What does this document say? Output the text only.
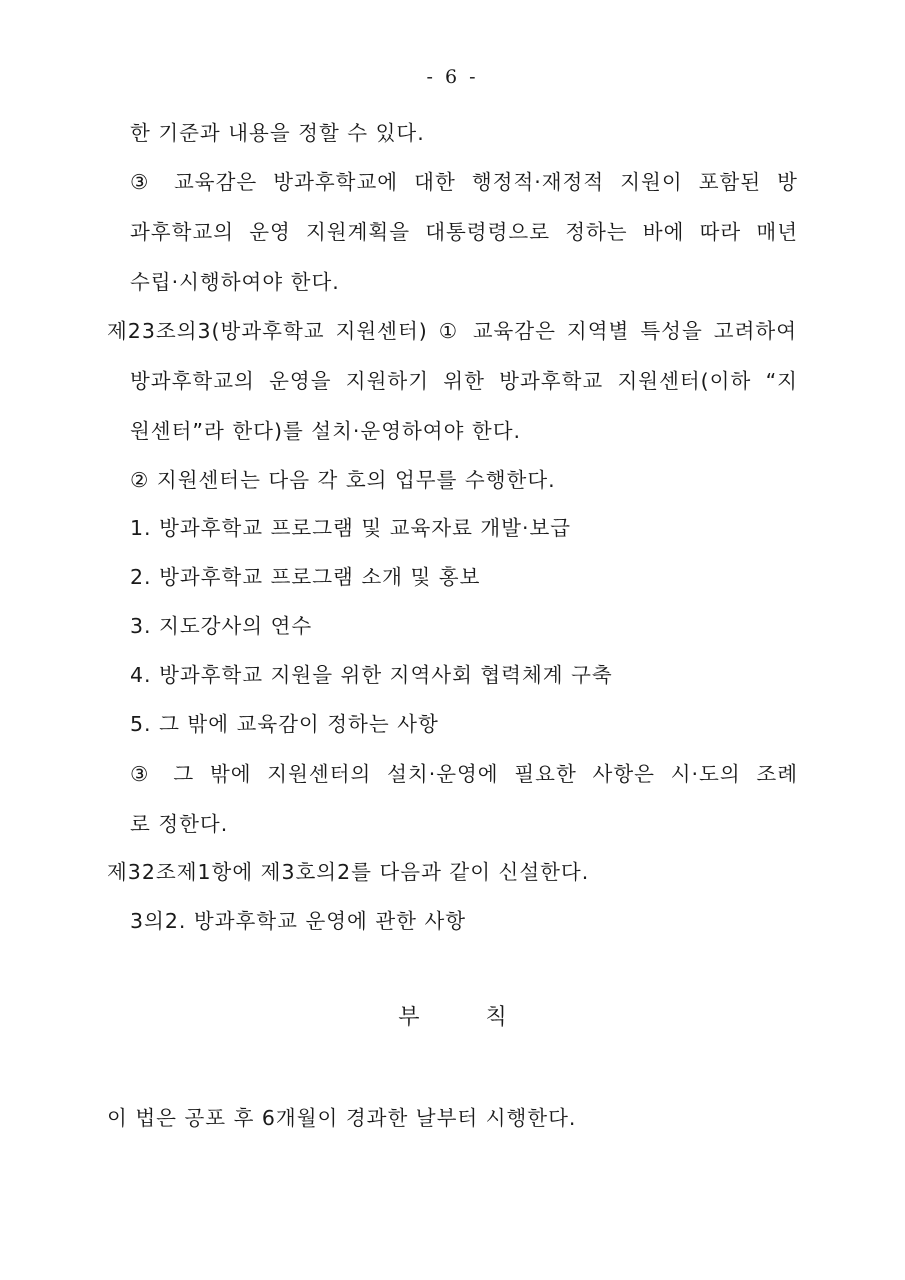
- 6 -
한 기준과 내용을 정할 수 있다.
③ 교육감은 방과후학교에 대한 행정적·재정적 지원이 포함된 방
과후학교의 운영 지원계획을 대통령령으로 정하는 바에 따라 매년
수립·시행하여야 한다.
제23조의3(방과후학교 지원센터) ① 교육감은 지역별 특성을 고려하여
방과후학교의 운영을 지원하기 위한 방과후학교 지원센터(이하 “지
원센터”라 한다)를 설치·운영하여야 한다.
② 지원센터는 다음 각 호의 업무를 수행한다.
1. 방과후학교 프로그램 및 교육자료 개발·보급
2. 방과후학교 프로그램 소개 및 홍보
3. 지도강사의 연수
4. 방과후학교 지원을 위한 지역사회 협력체계 구축
5. 그 밖에 교육감이 정하는 사항
③ 그 밖에 지원센터의 설치·운영에 필요한 사항은 시·도의 조례
로 정한다.
제32조제1항에 제3호의2를 다음과 같이 신설한다.
3의2. 방과후학교 운영에 관한 사항
부	칙
이 법은 공포 후 6개월이 경과한 날부터 시행한다.
